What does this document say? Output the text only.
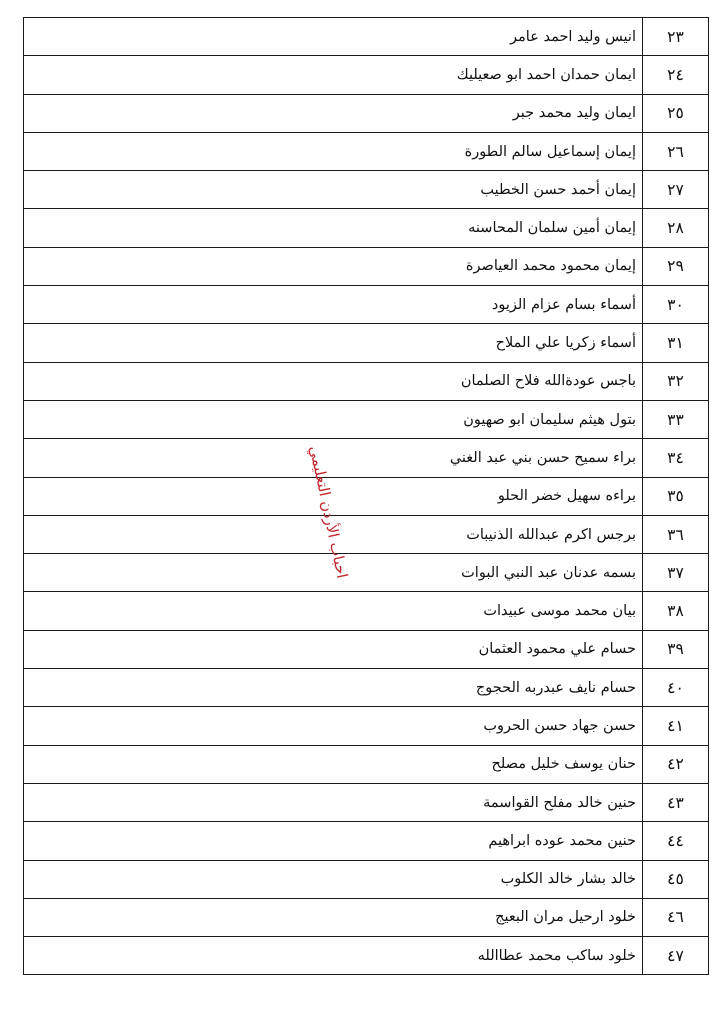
انيس وليد احمد عامر	٢٣
ايمان حمدان احمد ابو صعيليك	٢٤
ايمان وليد محمد جبر	٢٥
إيمان إسماعيل سالم الطورة	٢٦
إيمان أحمد حسن الخطيب	٢٧
إيمان أمين سلمان المحاسنه	٢٨
إيمان محمود محمد العياصرة	٢٩
أسماء بسام عزام الزيود	٣٠
أسماء زكريا علي الملاح	٣١
باجس عودةالله فلاح الصلمان	٣٢
بتول هيثم سليمان ابو صهيون	٣٣
براء سميح حسن بني عبد الغني	٣٤
براءه سهيل خضر الحلو	٣٥
برجس اكرم عبدالله الذنيبات	٣٦
بسمه عدنان عبد النبي البوات	٣٧
بيان محمد موسى عبيدات	٣٨
حسام علي محمود العثمان	٣٩
حسام نايف عبدربه الحجوج	٤٠
حسن جهاد حسن الحروب	٤١
حنان يوسف خليل مصلح	٤٢
حنين خالد مفلح القواسمة	٤٣
حنين محمد عوده ابراهيم	٤٤
خالد بشار خالد الكلوب	٤٥
خلود ارحيل مران البعيج	٤٦
خلود ساكب محمد عطاالله	٤٧
احباب الأردن التعليمي
